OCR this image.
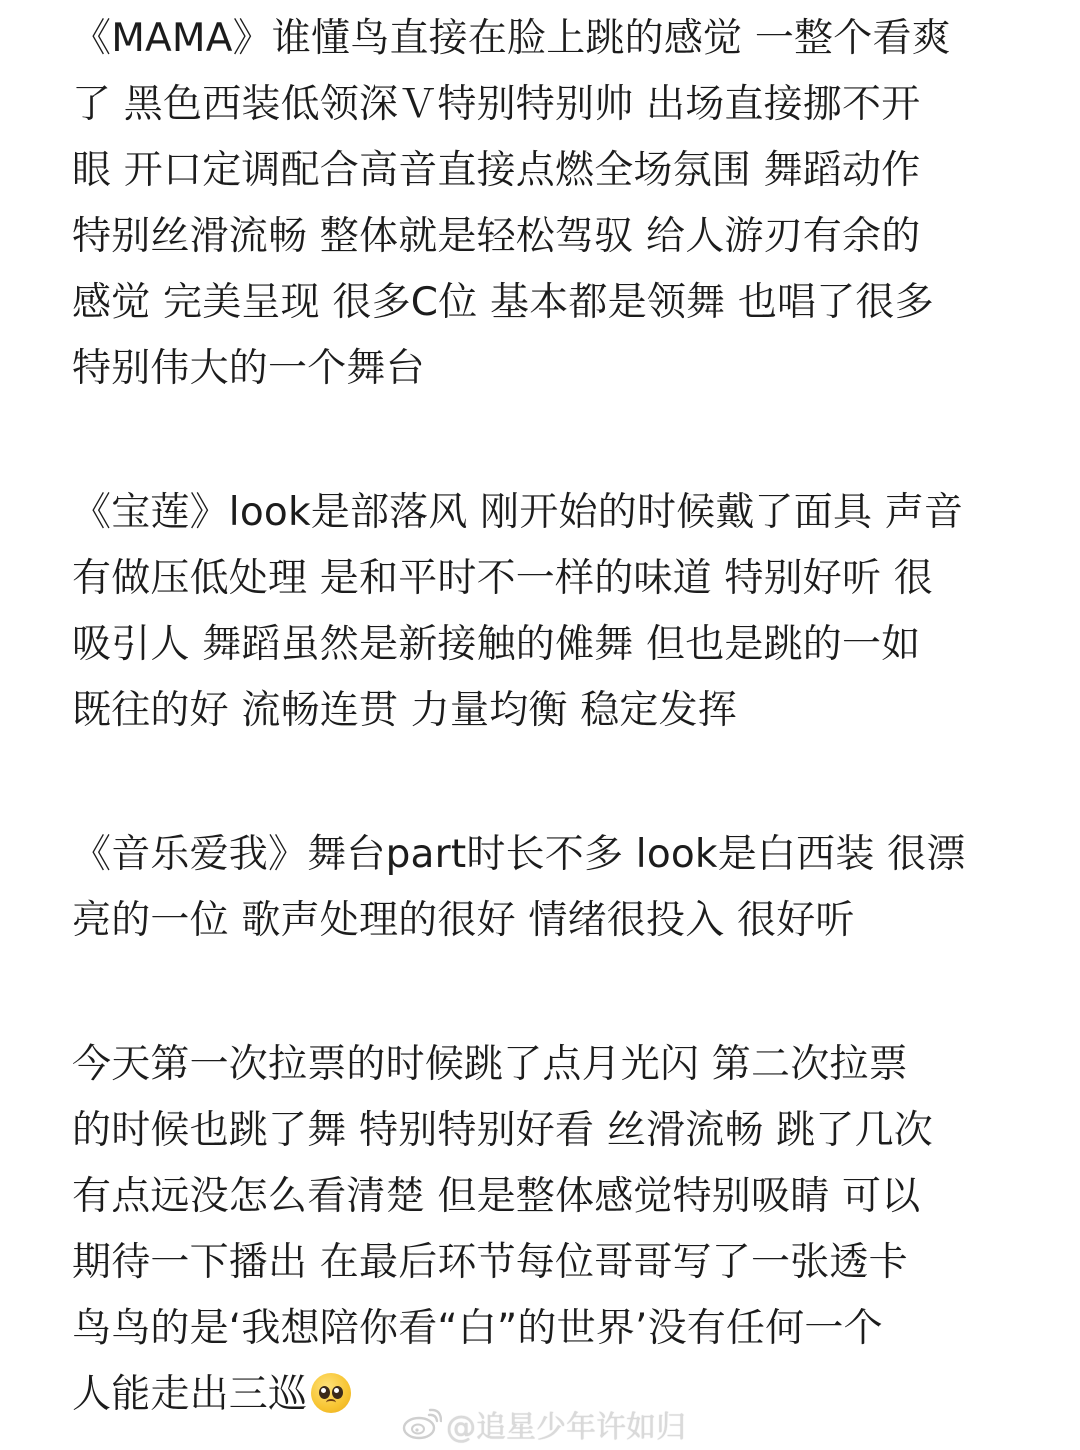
《MAMA》谁懂鸟直接在脸上跳的感觉 一整个看爽
了 黑色西装低领深Ｖ特别特别帅 出场直接挪不开
眼 开口定调配合高音直接点燃全场氛围 舞蹈动作
特别丝滑流畅 整体就是轻松驾驭 给人游刃有余的
感觉 完美呈现 很多C位 基本都是领舞 也唱了很多
特别伟大的一个舞台
《宝莲》look是部落风 刚开始的时候戴了面具 声音
有做压低处理 是和平时不一样的味道 特别好听 很
吸引人 舞蹈虽然是新接触的傩舞 但也是跳的一如
既往的好 流畅连贯 力量均衡 稳定发挥
《音乐爱我》舞台part时长不多 look是白西装 很漂
亮的一位 歌声处理的很好 情绪很投入 很好听
今天第一次拉票的时候跳了点月光闪 第二次拉票
的时候也跳了舞 特别特别好看 丝滑流畅 跳了几次
有点远没怎么看清楚 但是整体感觉特别吸睛 可以
期待一下播出 在最后环节每位哥哥写了一张透卡
鸟鸟的是‘我想陪你看“白”的世界’没有任何一个
人能走出三巡
@追星少年许如归
